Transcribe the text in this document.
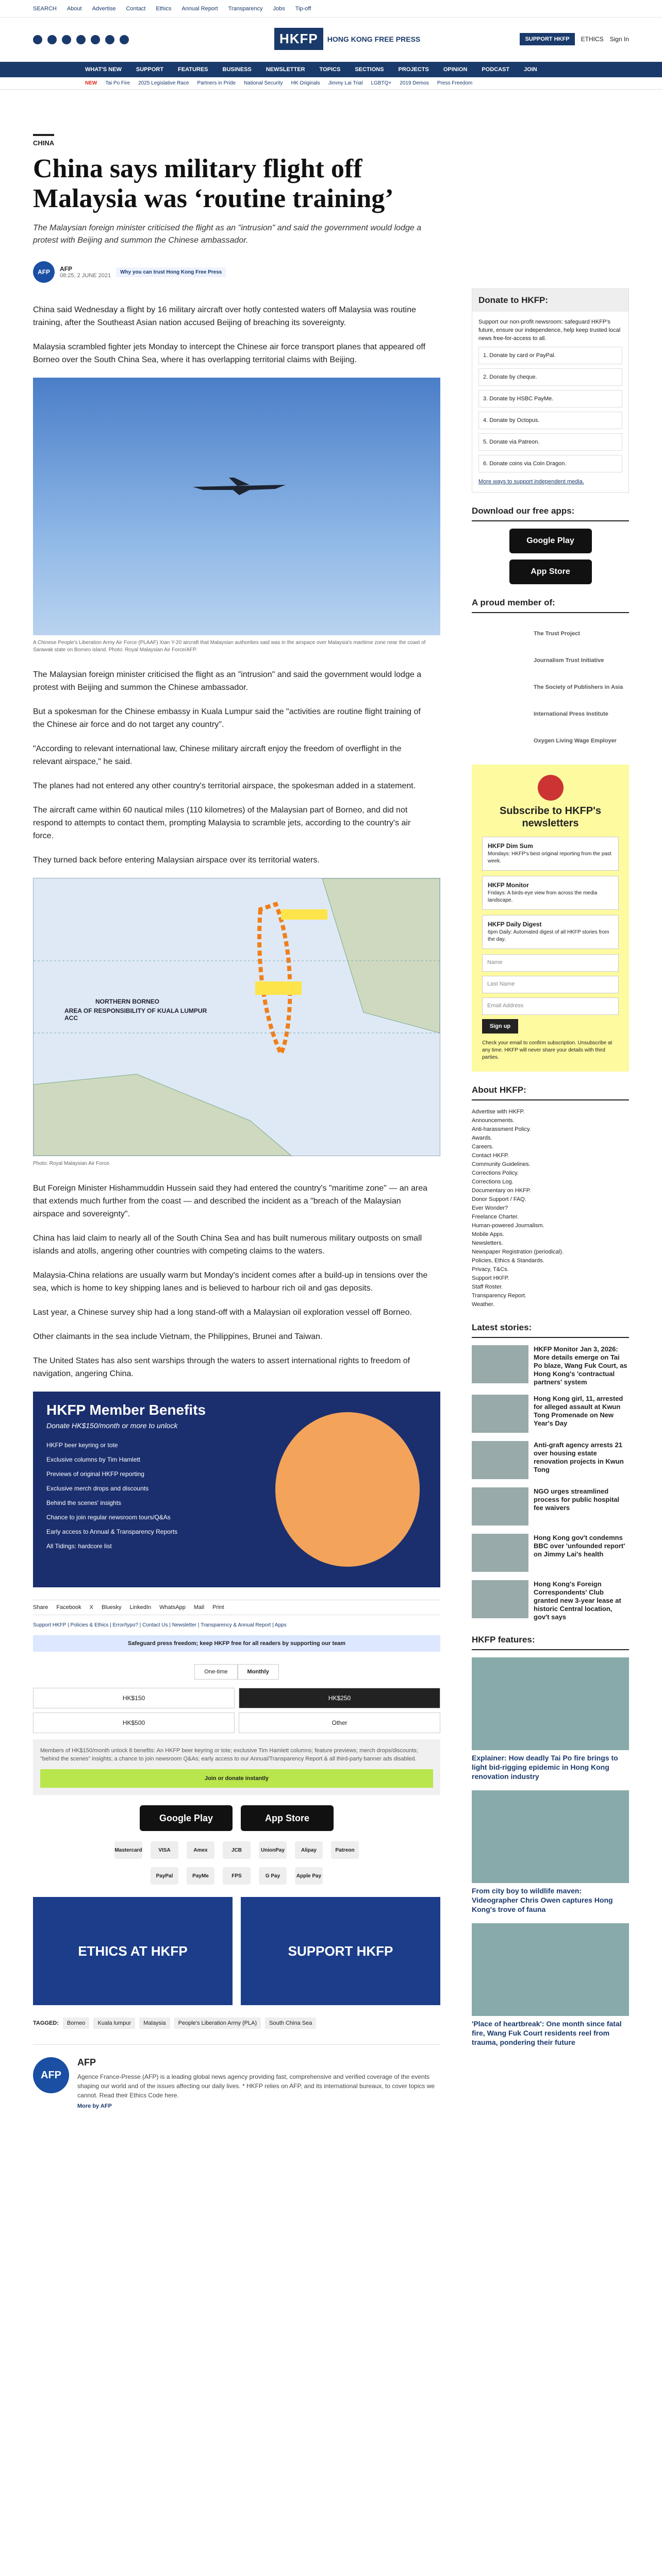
SEARCH About Advertise Contact Ethics Annual Report Transparency Jobs Tip-off
HKFP	HONG KONG FREE PRESS	SUPPORT HKFP	ETHICS Sign In
WHAT'S NEW	SUPPORT	FEATURES	BUSINESS	NEWSLETTER	TOPICS	SECTIONS	PROJECTS	OPINION	PODCAST	JOIN
NEW Tai Po Fire 2025 Legislative Race Partners in Pride National Security HK Originals Jimmy Lai Trial LGBTQ+ 2019 Demos Press Freedom
CHINA
China says military flight off Malaysia was ‘routine training’

The Malaysian foreign minister criticised the flight as an "intrusion" and said the government would lodge a protest with Beijing and summon the Chinese ambassador.

AFP	AFP
08:25, 2 JUNE 2021
Why you can trust Hong Kong Free Press

China said Wednesday a flight by 16 military aircraft over hotly contested waters off Malaysia was routine training, after the Southeast Asian nation accused Beijing of breaching its sovereignty.

Malaysia scrambled fighter jets Monday to intercept the Chinese air force transport planes that appeared off Borneo over the South China Sea, where it has overlapping territorial claims with Beijing.

A Chinese People's Liberation Army Air Force (PLAAF) Xian Y-20 aircraft that Malaysian authorities said was in the airspace over Malaysia's maritime zone near the coast of Sarawak state on Borneo island. Photo: Royal Malaysian Air Force/AFP.

The Malaysian foreign minister criticised the flight as an "intrusion" and said the government would lodge a protest with Beijing and summon the Chinese ambassador.

But a spokesman for the Chinese embassy in Kuala Lumpur said the "activities are routine flight training of the Chinese air force and do not target any country".

"According to relevant international law, Chinese military aircraft enjoy the freedom of overflight in the relevant airspace," he said.

The planes had not entered any other country's territorial airspace, the spokesman added in a statement.

The aircraft came within 60 nautical miles (110 kilometres) of the Malaysian part of Borneo, and did not respond to attempts to contact them, prompting Malaysia to scramble jets, according to the country's air force.

They turned back before entering Malaysian airspace over its territorial waters.

NORTHERN BORNEO
AREA OF RESPONSIBILITY OF KUALA LUMPUR ACC

Photo: Royal Malaysian Air Force.

But Foreign Minister Hishammuddin Hussein said they had entered the country's "maritime zone" — an area that extends much further from the coast — and described the incident as a "breach of the Malaysian airspace and sovereignty".

China has laid claim to nearly all of the South China Sea and has built numerous military outposts on small islands and atolls, angering other countries with competing claims to the waters.

Malaysia-China relations are usually warm but Monday's incident comes after a build-up in tensions over the sea, which is home to key shipping lanes and is believed to harbour rich oil and gas deposits.

Last year, a Chinese survey ship had a long stand-off with a Malaysian oil exploration vessel off Borneo.

Other claimants in the sea include Vietnam, the Philippines, Brunei and Taiwan.

The United States has also sent warships through the waters to assert international rights to freedom of navigation, angering China.

HKFP Member Benefits
Donate HK$150/month or more to unlock
HKFP beer keyring or tote
Exclusive columns by Tim Hamlett
Previews of original HKFP reporting
Exclusive merch drops and discounts
Behind the scenes' insights
Chance to join regular newsroom tours/Q&As
Early access to Annual & Transparency Reports
All Tidings: hardcore list
Share Facebook X Bluesky LinkedIn WhatsApp Mail Print
Support HKFP | Policies & Ethics | Error/typo? | Contact Us | Newsletter | Transparency & Annual Report | Apps
Safeguard press freedom; keep HKFP free for all readers by supporting our team
One-time	Monthly
HK$150	HK$250
HK$500	Other
Members of HK$150/month unlock 8 benefits: An HKFP beer keyring or tote; exclusive Tim Hamlett columns; feature previews; merch drops/discounts; "behind the scenes" insights; a chance to join newsroom Q&As; early access to our Annual/Transparency Report & all third-party banner ads disabled.
Join or donate instantly
Google Play	App Store
Mastercard	VISA	Amex	JCB	UnionPay	Alipay	Patreon
PayPal	PayMe	FPS	G Pay	Apple Pay
ETHICS AT HKFP	SUPPORT HKFP
TAGGED:	Borneo	Kuala lumpur	Malaysia	People's Liberation Army (PLA)	South China Sea
AFP
AFP
Agence France-Presse (AFP) is a leading global news agency providing fast, comprehensive and verified coverage of the events shaping our world and of the issues affecting our daily lives. * HKFP relies on AFP, and its international bureaux, to cover topics we cannot. Read their Ethics Code here.
More by AFP
Donate to HKFP:
Support our non-profit newsroom: safeguard HKFP's future, ensure our independence, help keep trusted local news free-for-access to all.
1. Donate by card or PayPal.
2. Donate by cheque.
3. Donate by HSBC PayMe.
4. Donate by Octopus.
5. Donate via Patreon.
6. Donate coins via Coin Dragon.
More ways to support independent media.
Download our free apps:
Google Play
App Store
A proud member of:
The Trust Project
Journalism Trust Initiative
The Society of Publishers in Asia
International Press Institute
Oxygen Living Wage Employer
Subscribe to HKFP's newsletters
HKFP Dim Sum
Mondays: HKFP's best original reporting from the past week.
HKFP Monitor
Fridays: A birds-eye view from across the media landscape.
HKFP Daily Digest
6pm Daily: Automated digest of all HKFP stories from the day.
Name
Last Name
Email Address
Sign up
Check your email to confirm subscription. Unsubscribe at any time. HKFP will never share your details with third parties.
About HKFP:
Advertise with HKFP.
Announcements.
Anti-harassment Policy.
Awards.
Careers.
Contact HKFP.
Community Guidelines.
Corrections Policy.
Corrections Log.
Documentary on HKFP.
Donor Support / FAQ.
Ever Wonder?
Freelance Charter.
Human-powered Journalism.
Mobile Apps.
Newsletters.
Newspaper Registration (periodical).
Policies, Ethics & Standards.
Privacy, T&Cs.
Support HKFP.
Staff Roster.
Transparency Report.
Weather.
Latest stories:
HKFP Monitor Jan 3, 2026: More details emerge on Tai Po blaze, Wang Fuk Court, as Hong Kong's 'contractual partners' system
Hong Kong girl, 11, arrested for alleged assault at Kwun Tong Promenade on New Year's Day
Anti-graft agency arrests 21 over housing estate renovation projects in Kwun Tong
NGO urges streamlined process for public hospital fee waivers
Hong Kong gov't condemns BBC over 'unfounded report' on Jimmy Lai's health
Hong Kong's Foreign Correspondents' Club granted new 3-year lease at historic Central location, gov't says
HKFP features:
Explainer: How deadly Tai Po fire brings to light bid-rigging epidemic in Hong Kong renovation industry
From city boy to wildlife maven: Videographer Chris Owen captures Hong Kong's trove of fauna
'Place of heartbreak': One month since fatal fire, Wang Fuk Court residents reel from trauma, pondering their future
